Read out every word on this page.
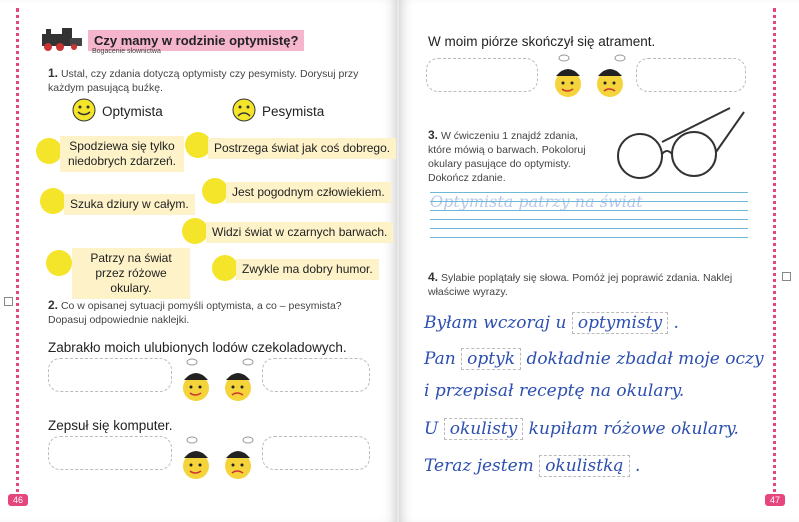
Czy mamy w rodzinie optymistę?
Bogacenie słownictwa
1. Ustal, czy zdania dotyczą optymisty czy pesymisty. Dorysuj przy każdym pasującą buźkę.
Optymista	Pesymista
Spodziewa się tylko niedobrych zdarzeń.
Postrzega świat jak coś dobrego.
Szuka dziury w całym.
Jest pogodnym człowiekiem.
Widzi świat w czarnych barwach.
Patrzy na świat przez różowe okulary.
Zwykle ma dobry humor.
2. Co w opisanej sytuacji pomyśli optymista, a co – pesymista? Dopasuj odpowiednie naklejki.
Zabrakło moich ulubionych lodów czekoladowych.
Zepsuł się komputer.
46	47
W moim piórze skończył się atrament.
3. W ćwiczeniu 1 znajdź zdania, które mówią o barwach. Pokoloruj okulary pasujące do optymisty. Dokończ zdanie.
Optymista patrzy na świat
4. Sylabie poplątały się słowa. Pomóż jej poprawić zdania. Naklej właściwe wyrazy.
Byłam wczoraj u optymisty .
Pan optyk dokładnie zbadał moje oczy
i przepisał receptę na okulary.
U okulisty kupiłam różowe okulary.
Teraz jestem okulistką .
